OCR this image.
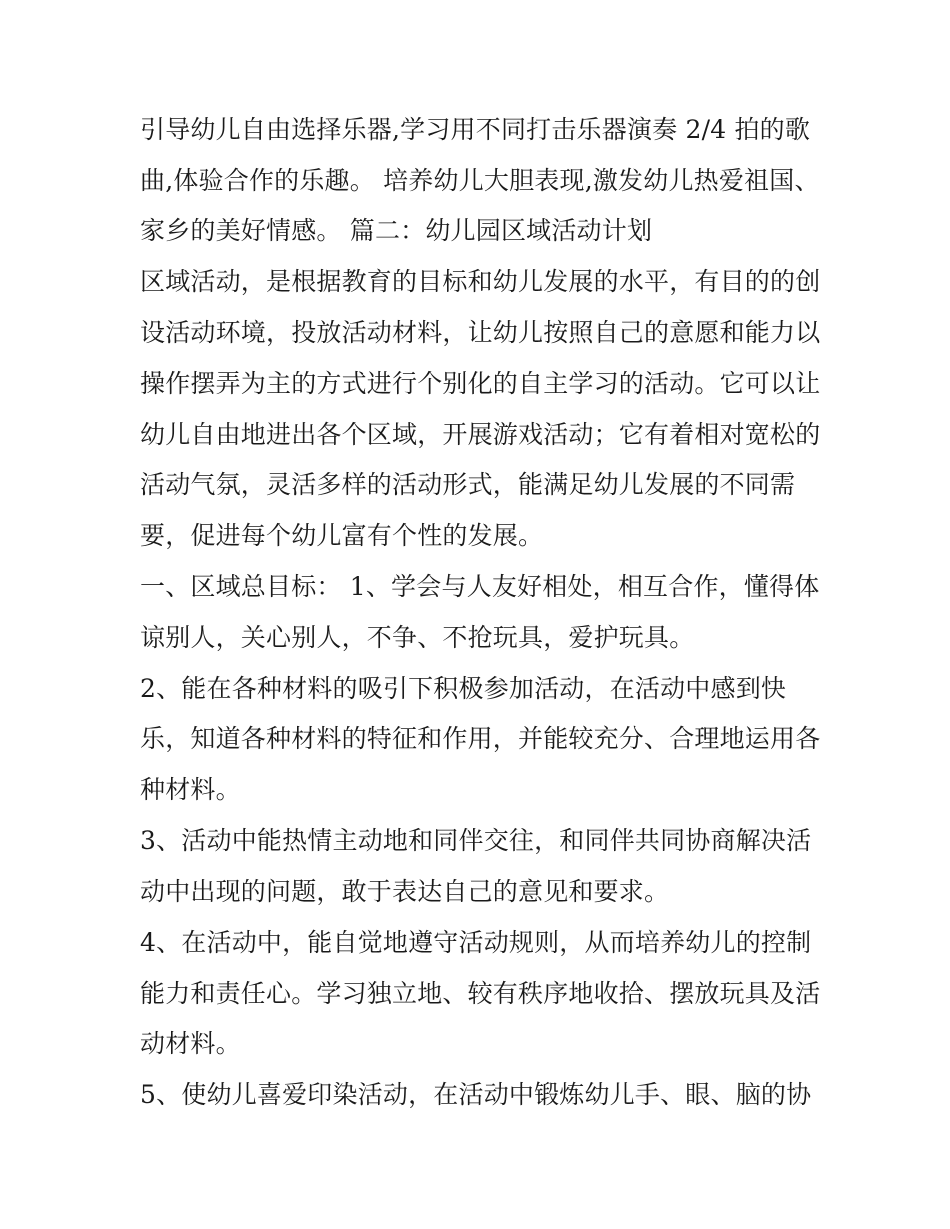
引导幼儿自由选择乐器,学习用不同打击乐器演奏 2/4 拍的歌
曲,体验合作的乐趣。 培养幼儿大胆表现,激发幼儿热爱祖国、
家乡的美好情感。 篇二：幼儿园区域活动计划
区域活动，是根据教育的目标和幼儿发展的水平，有目的的创
设活动环境，投放活动材料，让幼儿按照自己的意愿和能力以
操作摆弄为主的方式进行个别化的自主学习的活动。它可以让
幼儿自由地进出各个区域，开展游戏活动；它有着相对宽松的
活动气氛，灵活多样的活动形式，能满足幼儿发展的不同需
要，促进每个幼儿富有个性的发展。
一、区域总目标： 1、学会与人友好相处，相互合作，懂得体
谅别人，关心别人，不争、不抢玩具，爱护玩具。
2、能在各种材料的吸引下积极参加活动，在活动中感到快
乐，知道各种材料的特征和作用，并能较充分、合理地运用各
种材料。
3、活动中能热情主动地和同伴交往，和同伴共同协商解决活
动中出现的问题，敢于表达自己的意见和要求。
4、在活动中，能自觉地遵守活动规则，从而培养幼儿的控制
能力和责任心。学习独立地、较有秩序地收拾、摆放玩具及活
动材料。
5、使幼儿喜爱印染活动，在活动中锻炼幼儿手、眼、脑的协
